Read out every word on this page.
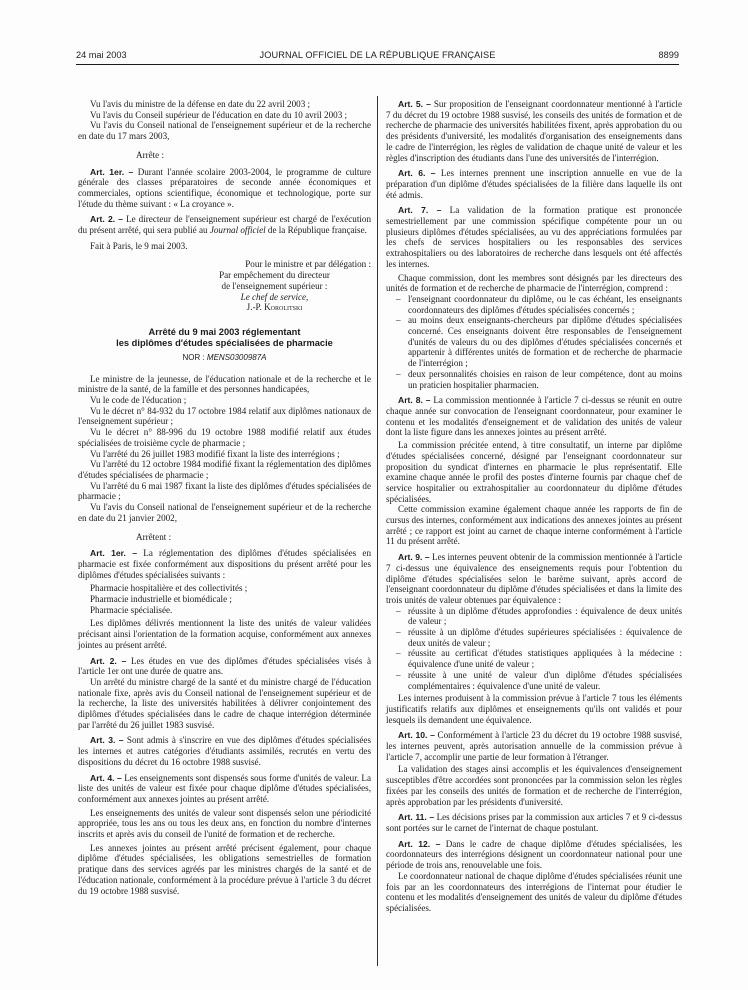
24 mai 2003	JOURNAL OFFICIEL DE LA RÉPUBLIQUE FRANÇAISE	8899

Vu l'avis du ministre de la défense en date du 22 avril 2003 ;

Vu l'avis du Conseil supérieur de l'éducation en date du 10 avril 2003 ;

Vu l'avis du Conseil national de l'enseignement supérieur et de la recherche en date du 17 mars 2003,

Arrête :

Art. 1er. – Durant l'année scolaire 2003-2004, le programme de culture générale des classes préparatoires de seconde année économiques et commerciales, options scientifique, économique et technologique, porte sur l'étude du thème suivant : « La croyance ».

Art. 2. – Le directeur de l'enseignement supérieur est chargé de l'exécution du présent arrêté, qui sera publié au Journal officiel de la République française.

Fait à Paris, le 9 mai 2003.

Pour le ministre et par délégation :

Par empêchement du directeur

de l'enseignement supérieur :

Le chef de service,

J.-P. Korolitski

Arrêté du 9 mai 2003 réglementant
les diplômes d'études spécialisées de pharmacie

NOR : MENS0300987A

Le ministre de la jeunesse, de l'éducation nationale et de la recherche et le ministre de la santé, de la famille et des personnes handicapées,

Vu le code de l'éducation ;

Vu le décret n° 84-932 du 17 octobre 1984 relatif aux diplômes nationaux de l'enseignement supérieur ;

Vu le décret n° 88-996 du 19 octobre 1988 modifié relatif aux études spécialisées de troisième cycle de pharmacie ;

Vu l'arrêté du 26 juillet 1983 modifié fixant la liste des interrégions ;

Vu l'arrêté du 12 octobre 1984 modifié fixant la réglementation des diplômes d'études spécialisées de pharmacie ;

Vu l'arrêté du 6 mai 1987 fixant la liste des diplômes d'études spécialisées de pharmacie ;

Vu l'avis du Conseil national de l'enseignement supérieur et de la recherche en date du 21 janvier 2002,

Arrêtent :

Art. 1er. – La réglementation des diplômes d'études spécialisées en pharmacie est fixée conformément aux dispositions du présent arrêté pour les diplômes d'études spécialisées suivants :

Pharmacie hospitalière et des collectivités ;

Pharmacie industrielle et biomédicale ;

Pharmacie spécialisée.

Les diplômes délivrés mentionnent la liste des unités de valeur validées précisant ainsi l'orientation de la formation acquise, conformément aux annexes jointes au présent arrêté.

Art. 2. – Les études en vue des diplômes d'études spécialisées visés à l'article 1er ont une durée de quatre ans.

Un arrêté du ministre chargé de la santé et du ministre chargé de l'éducation nationale fixe, après avis du Conseil national de l'enseignement supérieur et de la recherche, la liste des universités habilitées à délivrer conjointement des diplômes d'études spécialisées dans le cadre de chaque interrégion déterminée par l'arrêté du 26 juillet 1983 susvisé.

Art. 3. – Sont admis à s'inscrire en vue des diplômes d'études spécialisées les internes et autres catégories d'étudiants assimilés, recrutés en vertu des dispositions du décret du 16 octobre 1988 susvisé.

Art. 4. – Les enseignements sont dispensés sous forme d'unités de valeur. La liste des unités de valeur est fixée pour chaque diplôme d'études spécialisées, conformément aux annexes jointes au présent arrêté.

Les enseignements des unités de valeur sont dispensés selon une périodicité appropriée, tous les ans ou tous les deux ans, en fonction du nombre d'internes inscrits et après avis du conseil de l'unité de formation et de recherche.

Les annexes jointes au présent arrêté précisent également, pour chaque diplôme d'études spécialisées, les obligations semestrielles de formation pratique dans des services agréés par les ministres chargés de la santé et de l'éducation nationale, conformément à la procédure prévue à l'article 3 du décret du 19 octobre 1988 susvisé.

Art. 5. – Sur proposition de l'enseignant coordonnateur mentionné à l'article 7 du décret du 19 octobre 1988 susvisé, les conseils des unités de formation et de recherche de pharmacie des universités habilitées fixent, après approbation du ou des présidents d'université, les modalités d'organisation des enseignements dans le cadre de l'interrégion, les règles de validation de chaque unité de valeur et les règles d'inscription des étudiants dans l'une des universités de l'interrégion.

Art. 6. – Les internes prennent une inscription annuelle en vue de la préparation d'un diplôme d'études spécialisées de la filière dans laquelle ils ont été admis.

Art. 7. – La validation de la formation pratique est prononcée semestriellement par une commission spécifique compétente pour un ou plusieurs diplômes d'études spécialisées, au vu des appréciations formulées par les chefs de services hospitaliers ou les responsables des services extrahospitaliers ou des laboratoires de recherche dans lesquels ont été affectés les internes.

Chaque commission, dont les membres sont désignés par les directeurs des unités de formation et de recherche de pharmacie de l'interrégion, comprend :

– l'enseignant coordonnateur du diplôme, ou le cas échéant, les enseignants coordonnateurs des diplômes d'études spécialisées concernés ;

– au moins deux enseignants-chercheurs par diplôme d'études spécialisées concerné. Ces enseignants doivent être responsables de l'enseignement d'unités de valeurs du ou des diplômes d'études spécialisées concernés et appartenir à différentes unités de formation et de recherche de pharmacie de l'interrégion ;

– deux personnalités choisies en raison de leur compétence, dont au moins un praticien hospitalier pharmacien.

Art. 8. – La commission mentionnée à l'article 7 ci-dessus se réunit en outre chaque année sur convocation de l'enseignant coordonnateur, pour examiner le contenu et les modalités d'enseignement et de validation des unités de valeur dont la liste figure dans les annexes jointes au présent arrêté.

La commission précitée entend, à titre consultatif, un interne par diplôme d'études spécialisées concerné, désigné par l'enseignant coordonnateur sur proposition du syndicat d'internes en pharmacie le plus représentatif. Elle examine chaque année le profil des postes d'interne fournis par chaque chef de service hospitalier ou extrahospitalier au coordonnateur du diplôme d'études spécialisées.

Cette commission examine également chaque année les rapports de fin de cursus des internes, conformément aux indications des annexes jointes au présent arrêté ; ce rapport est joint au carnet de chaque interne conformément à l'article 11 du présent arrêté.

Art. 9. – Les internes peuvent obtenir de la commission mentionnée à l'article 7 ci-dessus une équivalence des enseignements requis pour l'obtention du diplôme d'études spécialisées selon le barème suivant, après accord de l'enseignant coordonnateur du diplôme d'études spécialisées et dans la limite des trois unités de valeur obtenues par équivalence :

– réussite à un diplôme d'études approfondies : équivalence de deux unités de valeur ;

– réussite à un diplôme d'études supérieures spécialisées : équivalence de deux unités de valeur ;

– réussite au certificat d'études statistiques appliquées à la médecine : équivalence d'une unité de valeur ;

– réussite à une unité de valeur d'un diplôme d'études spécialisées complémentaires : équivalence d'une unité de valeur.

Les internes produisent à la commission prévue à l'article 7 tous les éléments justificatifs relatifs aux diplômes et enseignements qu'ils ont validés et pour lesquels ils demandent une équivalence.

Art. 10. – Conformément à l'article 23 du décret du 19 octobre 1988 susvisé, les internes peuvent, après autorisation annuelle de la commission prévue à l'article 7, accomplir une partie de leur formation à l'étranger.

La validation des stages ainsi accomplis et les équivalences d'enseignement susceptibles d'être accordées sont prononcées par la commission selon les règles fixées par les conseils des unités de formation et de recherche de l'interrégion, après approbation par les présidents d'université.

Art. 11. – Les décisions prises par la commission aux articles 7 et 9 ci-dessus sont portées sur le carnet de l'internat de chaque postulant.

Art. 12. – Dans le cadre de chaque diplôme d'études spécialisées, les coordonnateurs des interrégions désignent un coordonnateur national pour une période de trois ans, renouvelable une fois.

Le coordonnateur national de chaque diplôme d'études spécialisées réunit une fois par an les coordonnateurs des interrégions de l'internat pour étudier le contenu et les modalités d'enseignement des unités de valeur du diplôme d'études spécialisées.
